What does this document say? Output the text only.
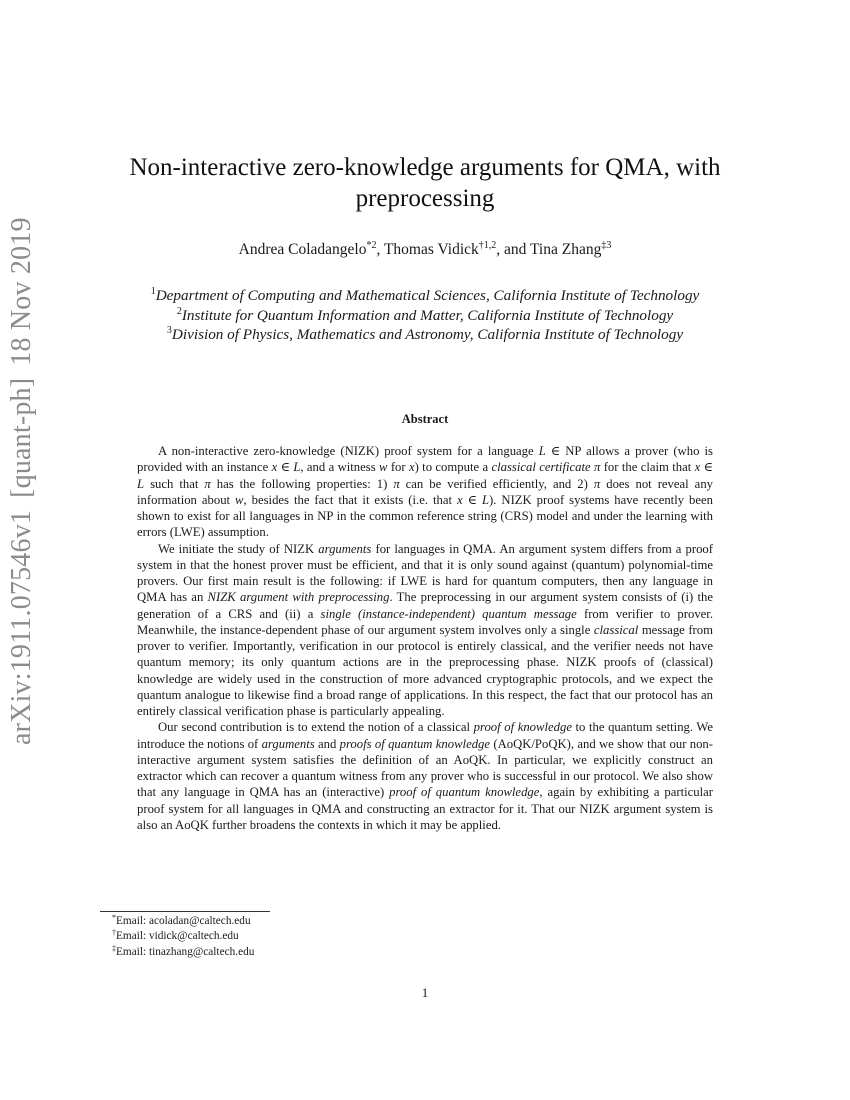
arXiv:1911.07546v1[quant-ph]18 Nov 2019
Non-interactive zero-knowledge arguments for QMA, with
preprocessing
Andrea Coladangelo$^{*2}$, Thomas Vidick$^{\dagger 1,2}$, and Tina Zhang$^{\ddagger 3}$
$^1$Department of Computing and Mathematical Sciences, California Institute of Technology
$^2$Institute for Quantum Information and Matter, California Institute of Technology
$^3$Division of Physics, Mathematics and Astronomy, California Institute of Technology
Abstract

A non-interactive zero-knowledge (NIZK) proof system for a language L ∈ NP allows a prover (who is provided with an instance x ∈ L, and a witness w for x) to compute a classical certificate π for the claim that x ∈ L such that π has the following properties: 1) π can be verified efficiently, and 2) π does not reveal any information about w, besides the fact that it exists (i.e. that x ∈ L). NIZK proof systems have recently been shown to exist for all languages in NP in the common reference string (CRS) model and under the learning with errors (LWE) assumption.

We initiate the study of NIZK arguments for languages in QMA. An argument system differs from a proof system in that the honest prover must be efficient, and that it is only sound against (quantum) polynomial-time provers. Our first main result is the following: if LWE is hard for quantum computers, then any language in QMA has an NIZK argument with preprocessing. The preprocessing in our argument system consists of (i) the generation of a CRS and (ii) a single (instance-independent) quantum message from verifier to prover. Meanwhile, the instance-dependent phase of our argument system involves only a single classical message from prover to verifier. Importantly, verification in our protocol is entirely classical, and the verifier needs not have quantum memory; its only quantum actions are in the preprocessing phase. NIZK proofs of (classical) knowledge are widely used in the construction of more advanced cryptographic protocols, and we expect the quantum analogue to likewise find a broad range of applications. In this respect, the fact that our protocol has an entirely classical verification phase is particularly appealing.

Our second contribution is to extend the notion of a classical proof of knowledge to the quantum setting. We introduce the notions of arguments and proofs of quantum knowledge (AoQK/PoQK), and we show that our non-interactive argument system satisfies the definition of an AoQK. In particular, we explicitly construct an extractor which can recover a quantum witness from any prover who is successful in our protocol. We also show that any language in QMA has an (interactive) proof of quantum knowledge, again by exhibiting a particular proof system for all languages in QMA and constructing an extractor for it. That our NIZK argument system is also an AoQK further broadens the contexts in which it may be applied.

*Email: acoladan@caltech.edu
†Email: vidick@caltech.edu
‡Email: tinazhang@caltech.edu
1
